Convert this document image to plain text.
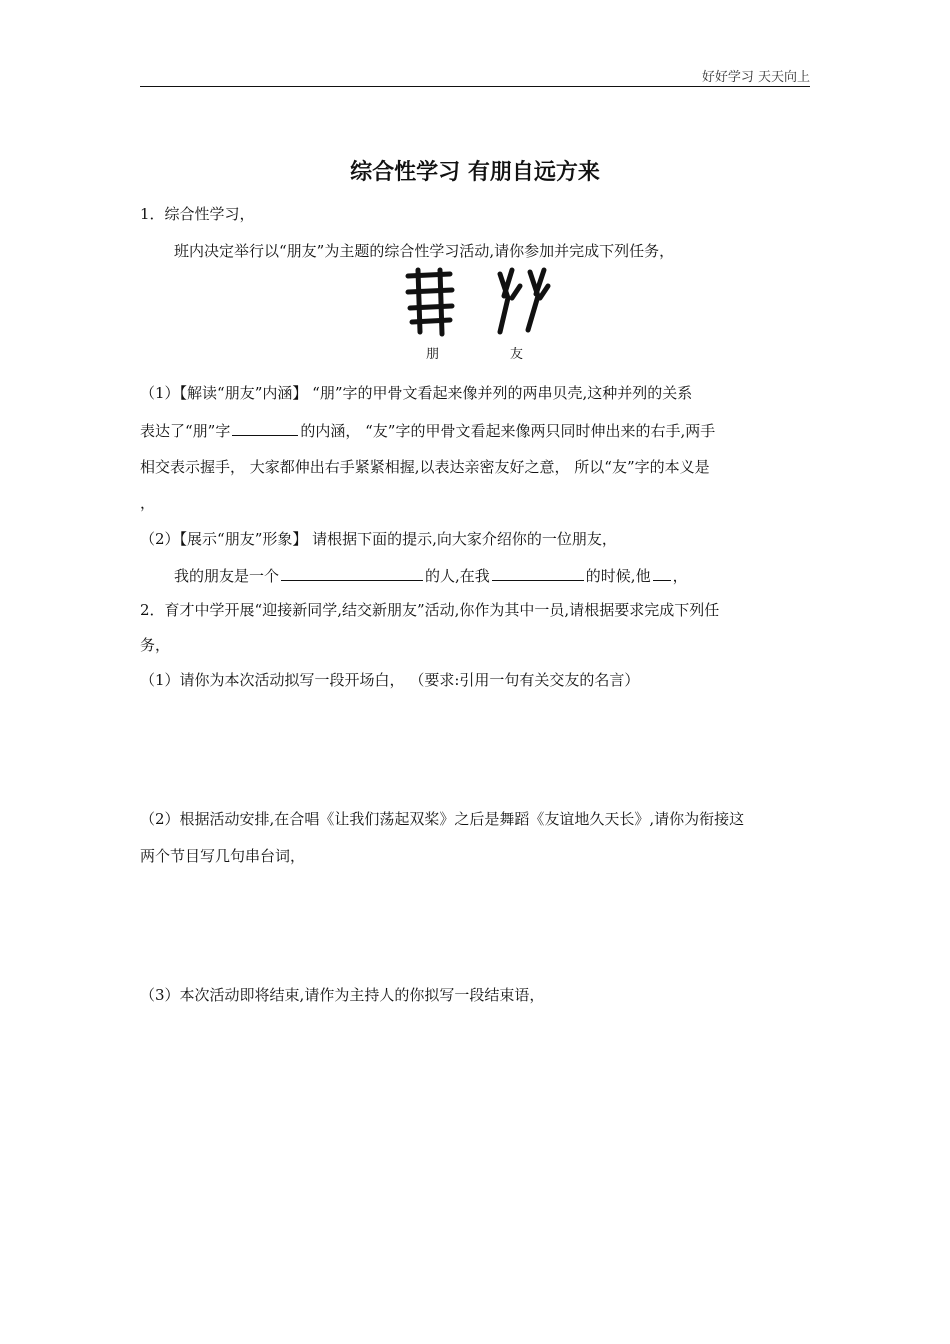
好好学习 天天向上
综合性学习 有朋自远方来
1．综合性学习，
班内决定举行以“朋友”为主题的综合性学习活动,请你参加并完成下列任务，
朋	友
（1）【解读“朋友”内涵】 “朋”字的甲骨文看起来像并列的两串贝壳,这种并列的关系
表达了“朋”字	的内涵， “友”字的甲骨文看起来像两只同时伸出来的右手,两手
相交表示握手， 大家都伸出右手紧紧相握,以表达亲密友好之意， 所以“友”字的本义是
，
（2）【展示“朋友”形象】 请根据下面的提示,向大家介绍你的一位朋友，
我的朋友是一个	的人,在我	的时候,他 ，
2．育才中学开展“迎接新同学,结交新朋友”活动,你作为其中一员,请根据要求完成下列任
务，
（1）请你为本次活动拟写一段开场白， （要求:引用一句有关交友的名言）
（2）根据活动安排,在合唱《让我们荡起双桨》之后是舞蹈《友谊地久天长》,请你为衔接这
两个节目写几句串台词，
（3）本次活动即将结束,请作为主持人的你拟写一段结束语，
